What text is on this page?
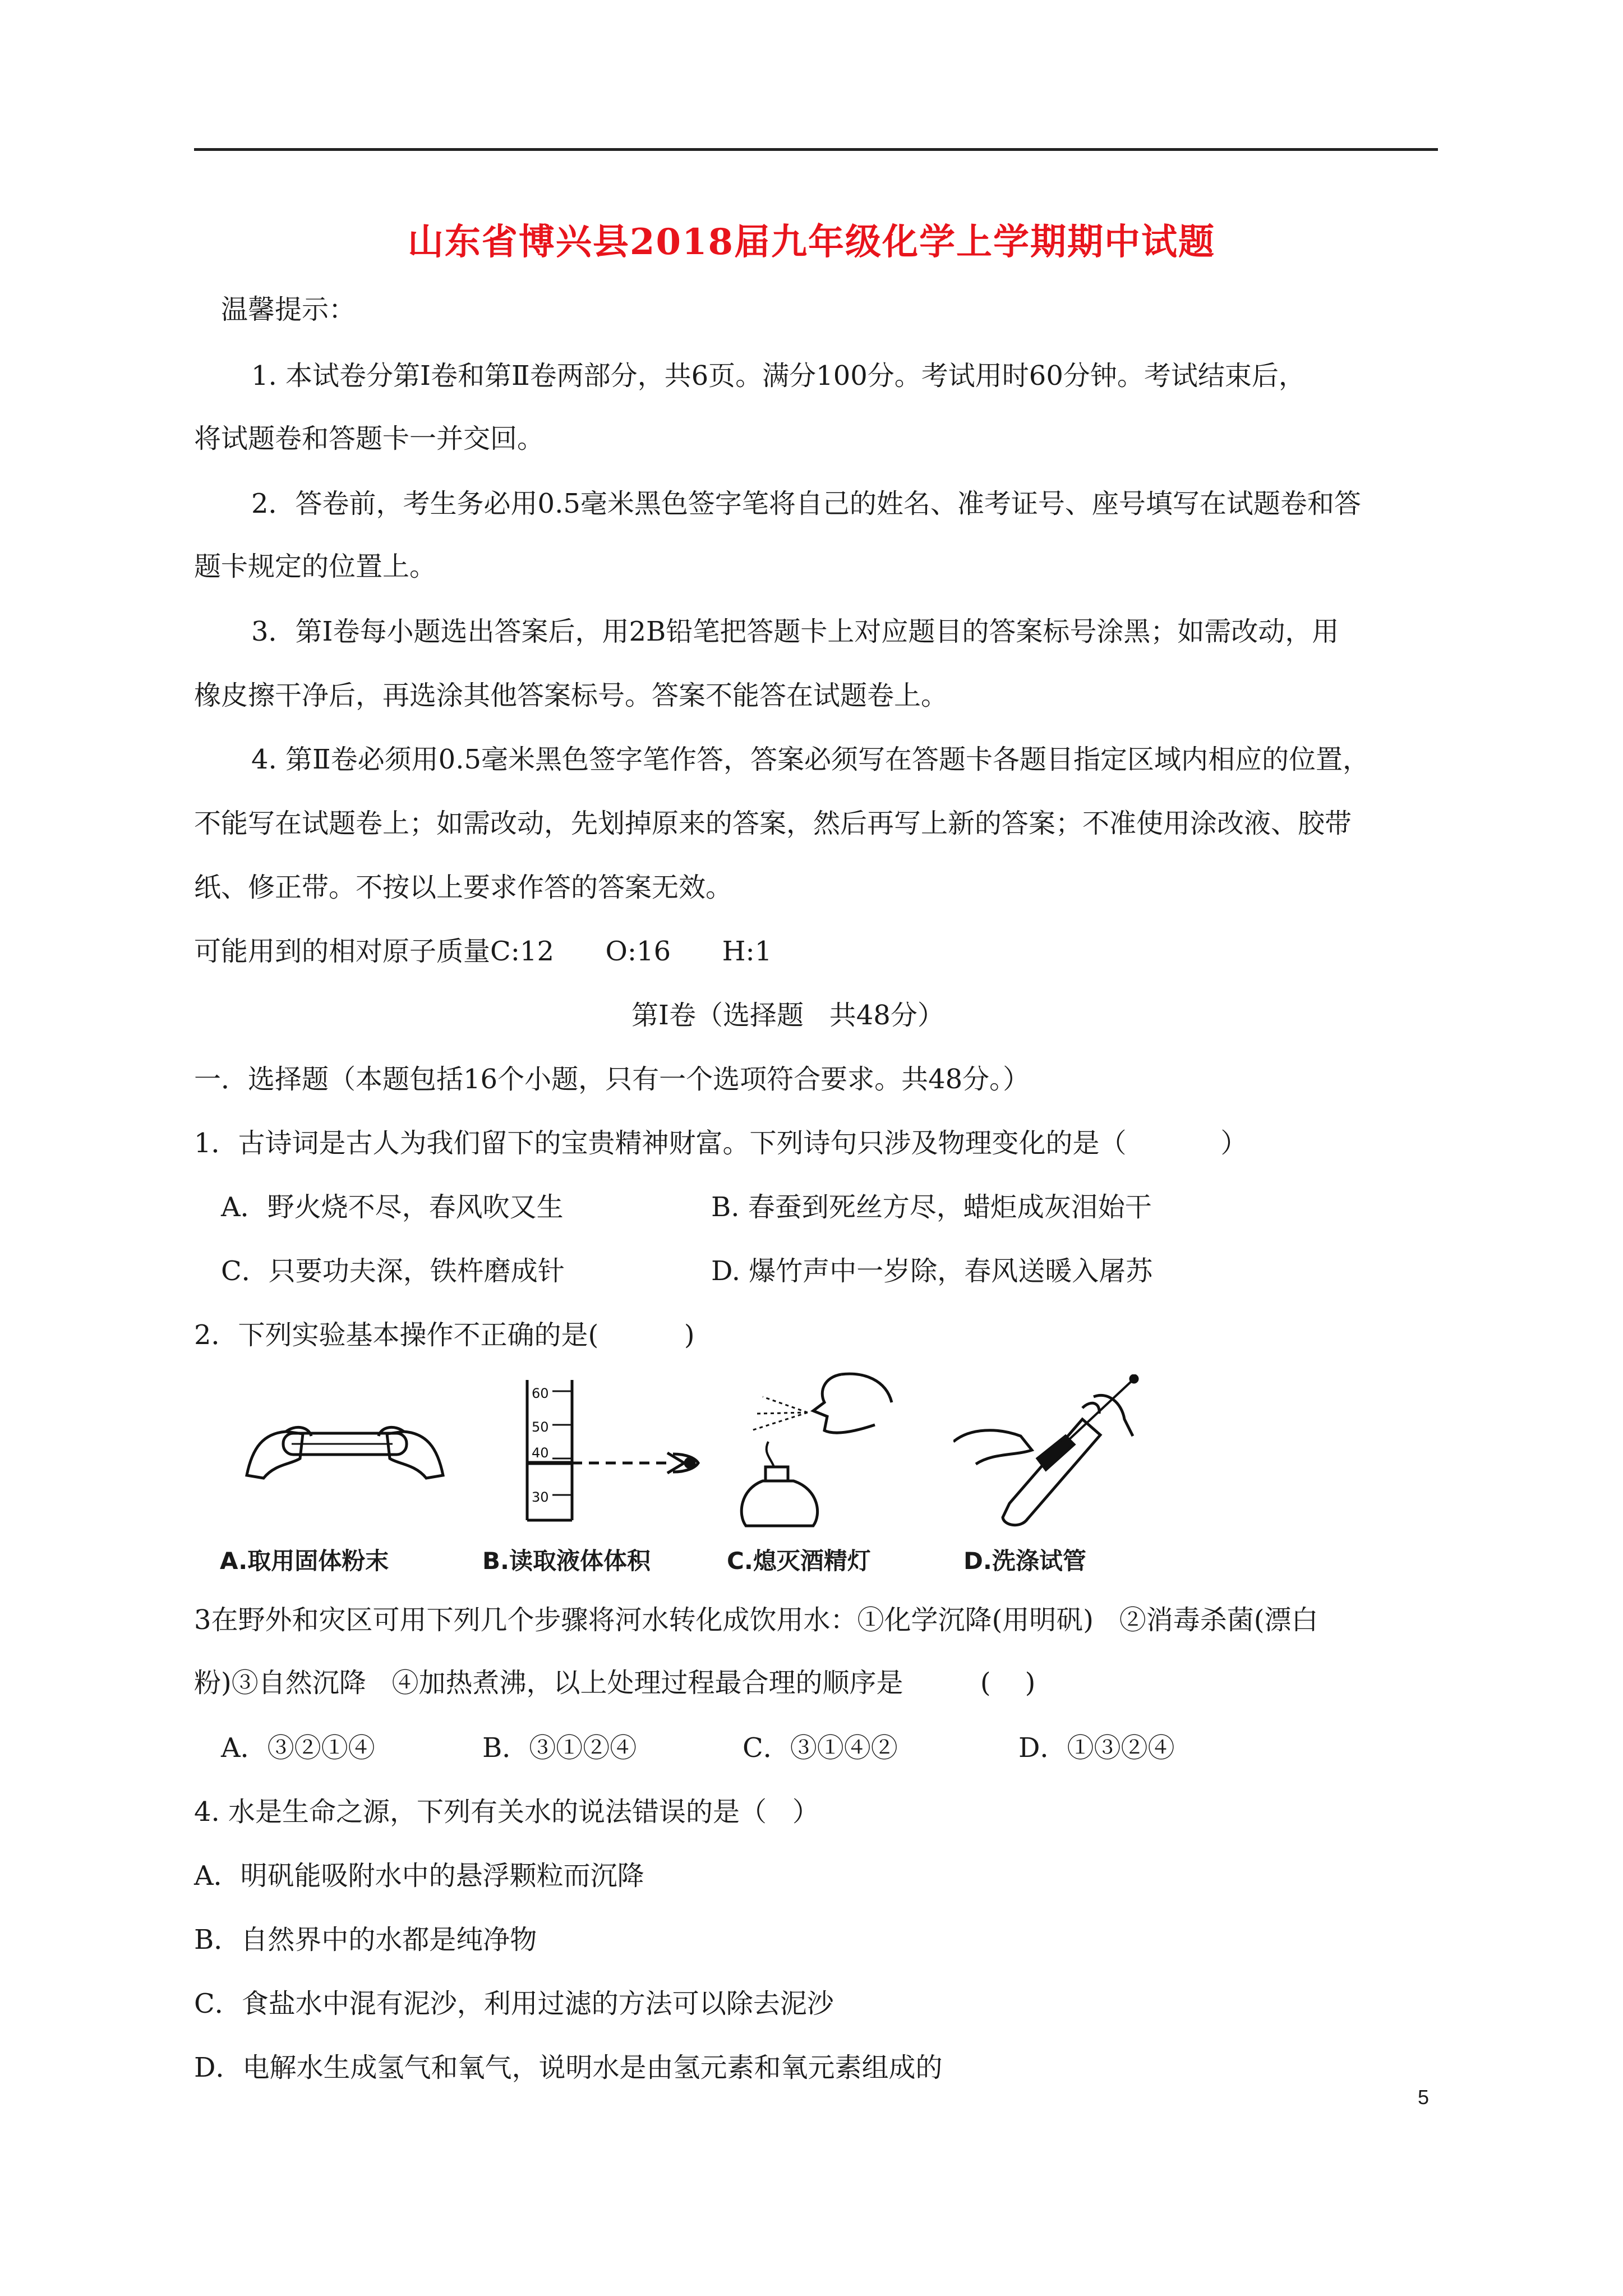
山东省博兴县2018届九年级化学上学期期中试题
温馨提示：
1. 本试卷分第Ⅰ卷和第Ⅱ卷两部分，共6页。满分100分。考试用时60分钟。考试结束后，
将试题卷和答题卡一并交回。
2．答卷前，考生务必用0.5毫米黑色签字笔将自己的姓名、准考证号、座号填写在试题卷和答
题卡规定的位置上。
3．第Ⅰ卷每小题选出答案后，用2B铅笔把答题卡上对应题目的答案标号涂黑；如需改动，用
橡皮擦干净后，再选涂其他答案标号。答案不能答在试题卷上。
4. 第Ⅱ卷必须用0.5毫米黑色签字笔作答，答案必须写在答题卡各题目指定区域内相应的位置，
不能写在试题卷上；如需改动，先划掉原来的答案，然后再写上新的答案；不准使用涂改液、胶带
纸、修正带。不按以上要求作答的答案无效。
可能用到的相对原子质量C:12      O:16      H:1
第Ⅰ卷（选择题   共48分）
一．选择题（本题包括16个小题，只有一个选项符合要求。共48分。）
1．古诗词是古人为我们留下的宝贵精神财富。下列诗句只涉及物理变化的是（           ）
A．野火烧不尽，春风吹又生	B. 春蚕到死丝方尽，蜡炬成灰泪始干
C．只要功夫深，铁杵磨成针	D. 爆竹声中一岁除，春风送暖入屠苏
2．下列实验基本操作不正确的是(          )
A.取用固体粉末
60
50
40
30
B.读取液体体积	C.熄灭酒精灯	D.洗涤试管
3在野外和灾区可用下列几个步骤将河水转化成饮用水：①化学沉降(用明矾)   ②消毒杀菌(漂白
粉)③自然沉降   ④加热煮沸，以上处理过程最合理的顺序是         (    )
A．③②①④	B．③①②④	C．③①④②	D．①③②④
4. 水是生命之源，下列有关水的说法错误的是（   ）
A．明矾能吸附水中的悬浮颗粒而沉降
B．自然界中的水都是纯净物
C．食盐水中混有泥沙，利用过滤的方法可以除去泥沙
D．电解水生成氢气和氧气，说明水是由氢元素和氧元素组成的
5
